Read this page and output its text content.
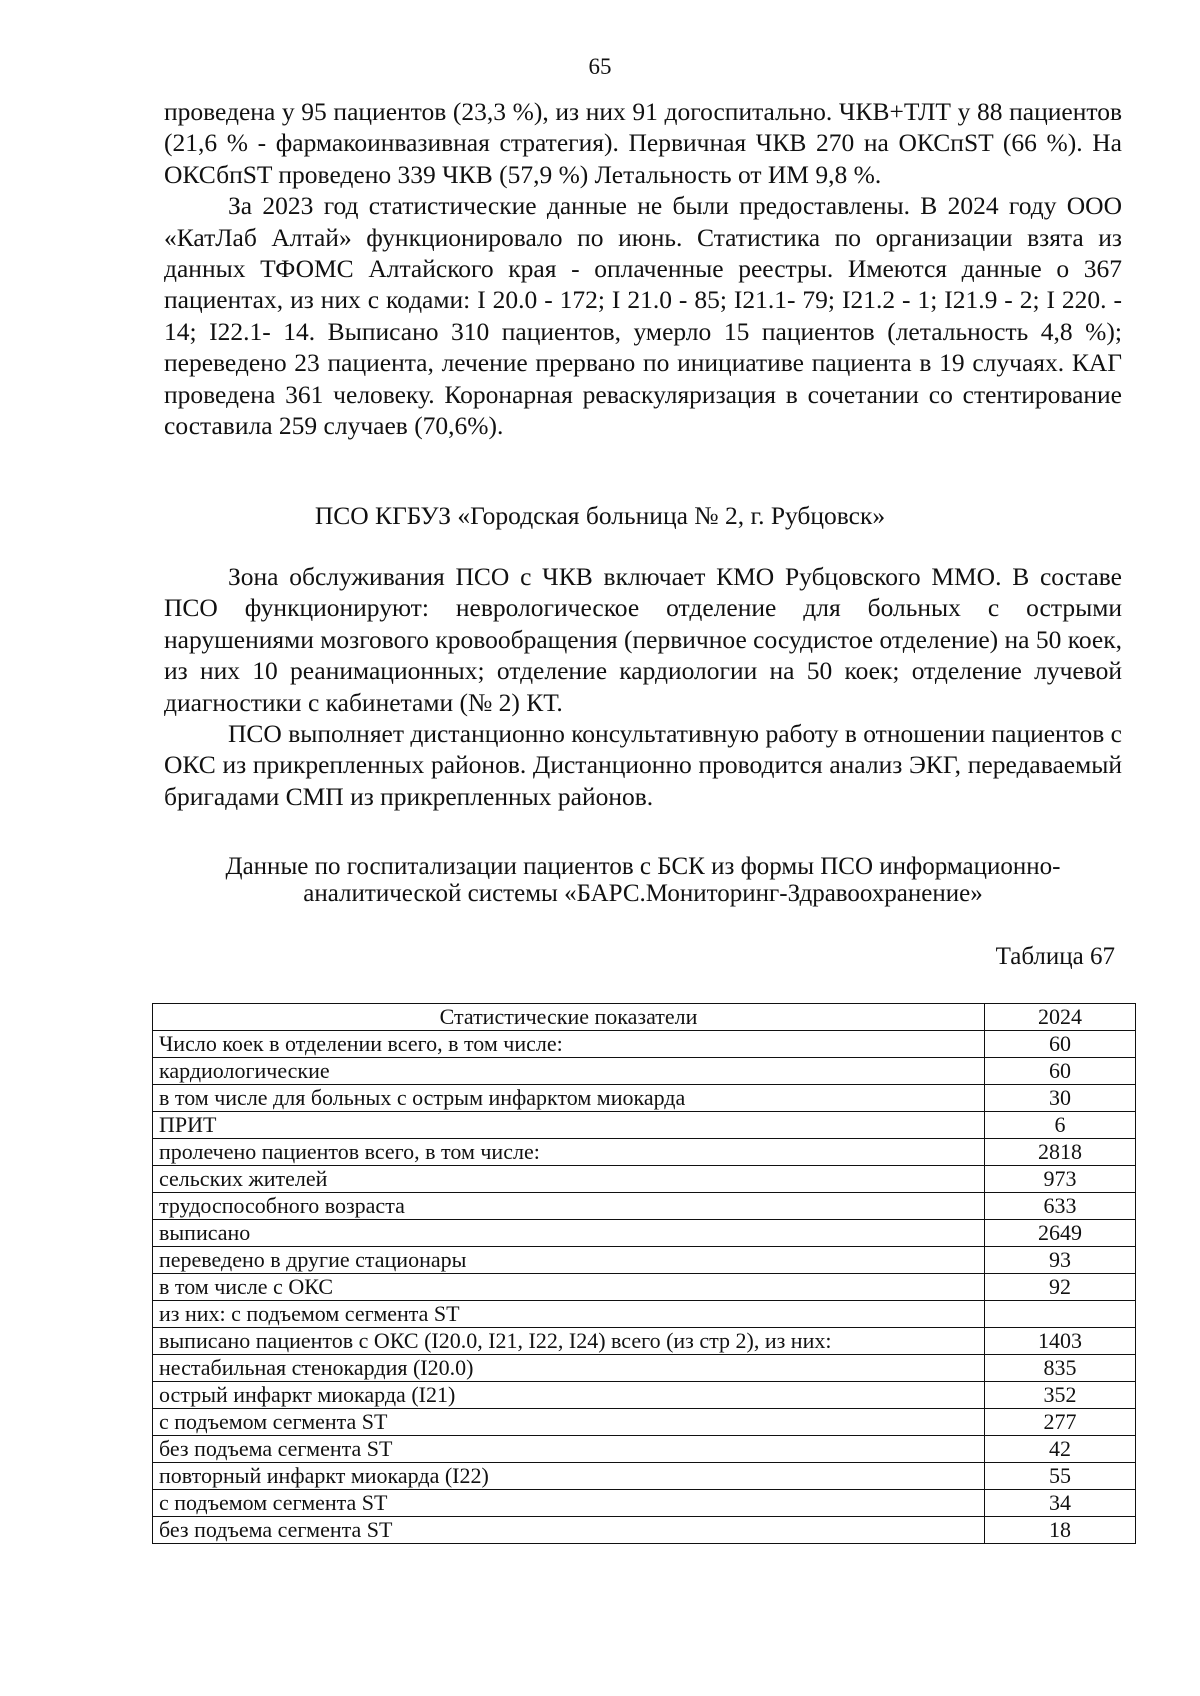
65

проведена у 95 пациентов (23,3 %), из них 91 догоспитально. ЧКВ+ТЛТ у 88 пациентов (21,6 % - фармакоинвазивная стратегия). Первичная ЧКВ 270 на ОКСпST (66 %). На ОКСбпST проведено 339 ЧКВ (57,9 %) Летальность от ИМ 9,8 %.

За 2023 год статистические данные не были предоставлены. В 2024 году ООО «КатЛаб Алтай» функционировало по июнь. Статистика по организации взята из данных ТФОМС Алтайского края - оплаченные реестры. Имеются данные о 367 пациентах, из них с кодами: I 20.0 - 172; I 21.0 - 85; I21.1- 79; I21.2 - 1; I21.9 - 2; I 220. - 14; I22.1- 14. Выписано 310 пациентов, умерло 15 пациентов (летальность 4,8 %); переведено 23 пациента, лечение прервано по инициативе пациента в 19 случаях. КАГ проведена 361 человеку. Коронарная реваскуляризация в сочетании со стентирование составила 259 случаев (70,6%).

ПСО КГБУЗ «Городская больница № 2, г. Рубцовск»

Зона обслуживания ПСО с ЧКВ включает КМО Рубцовского ММО. В составе ПСО функционируют: неврологическое отделение для больных с острыми нарушениями мозгового кровообращения (первичное сосудистое отделение) на 50 коек, из них 10 реанимационных; отделение кардиологии на 50 коек; отделение лучевой диагностики с кабинетами (№ 2) КТ.

ПСО выполняет дистанционно консультативную работу в отношении пациентов с ОКС из прикрепленных районов. Дистанционно проводится анализ ЭКГ, передаваемый бригадами СМП из прикрепленных районов.

Данные по госпитализации пациентов с БСК из формы ПСО информационно-
аналитической системы «БАРС.Мониторинг-Здравоохранение»
Таблица 67
Статистические показатели	2024
Число коек в отделении всего, в том числе:	60
кардиологические	60
в том числе для больных с острым инфарктом миокарда	30
ПРИТ	6
пролечено пациентов всего, в том числе:	2818
сельских жителей	973
трудоспособного возраста	633
выписано	2649
переведено в другие стационары	93
в том числе с ОКС	92
из них: с подъемом сегмента ST	
выписано пациентов с ОКС (I20.0, I21, I22, I24) всего (из стр 2), из них:	1403
нестабильная стенокардия (I20.0)	835
острый инфаркт миокарда (I21)	352
с подъемом сегмента ST	277
без подъема сегмента ST	42
повторный инфаркт миокарда (I22)	55
с подъемом сегмента ST	34
без подъема сегмента ST	18
